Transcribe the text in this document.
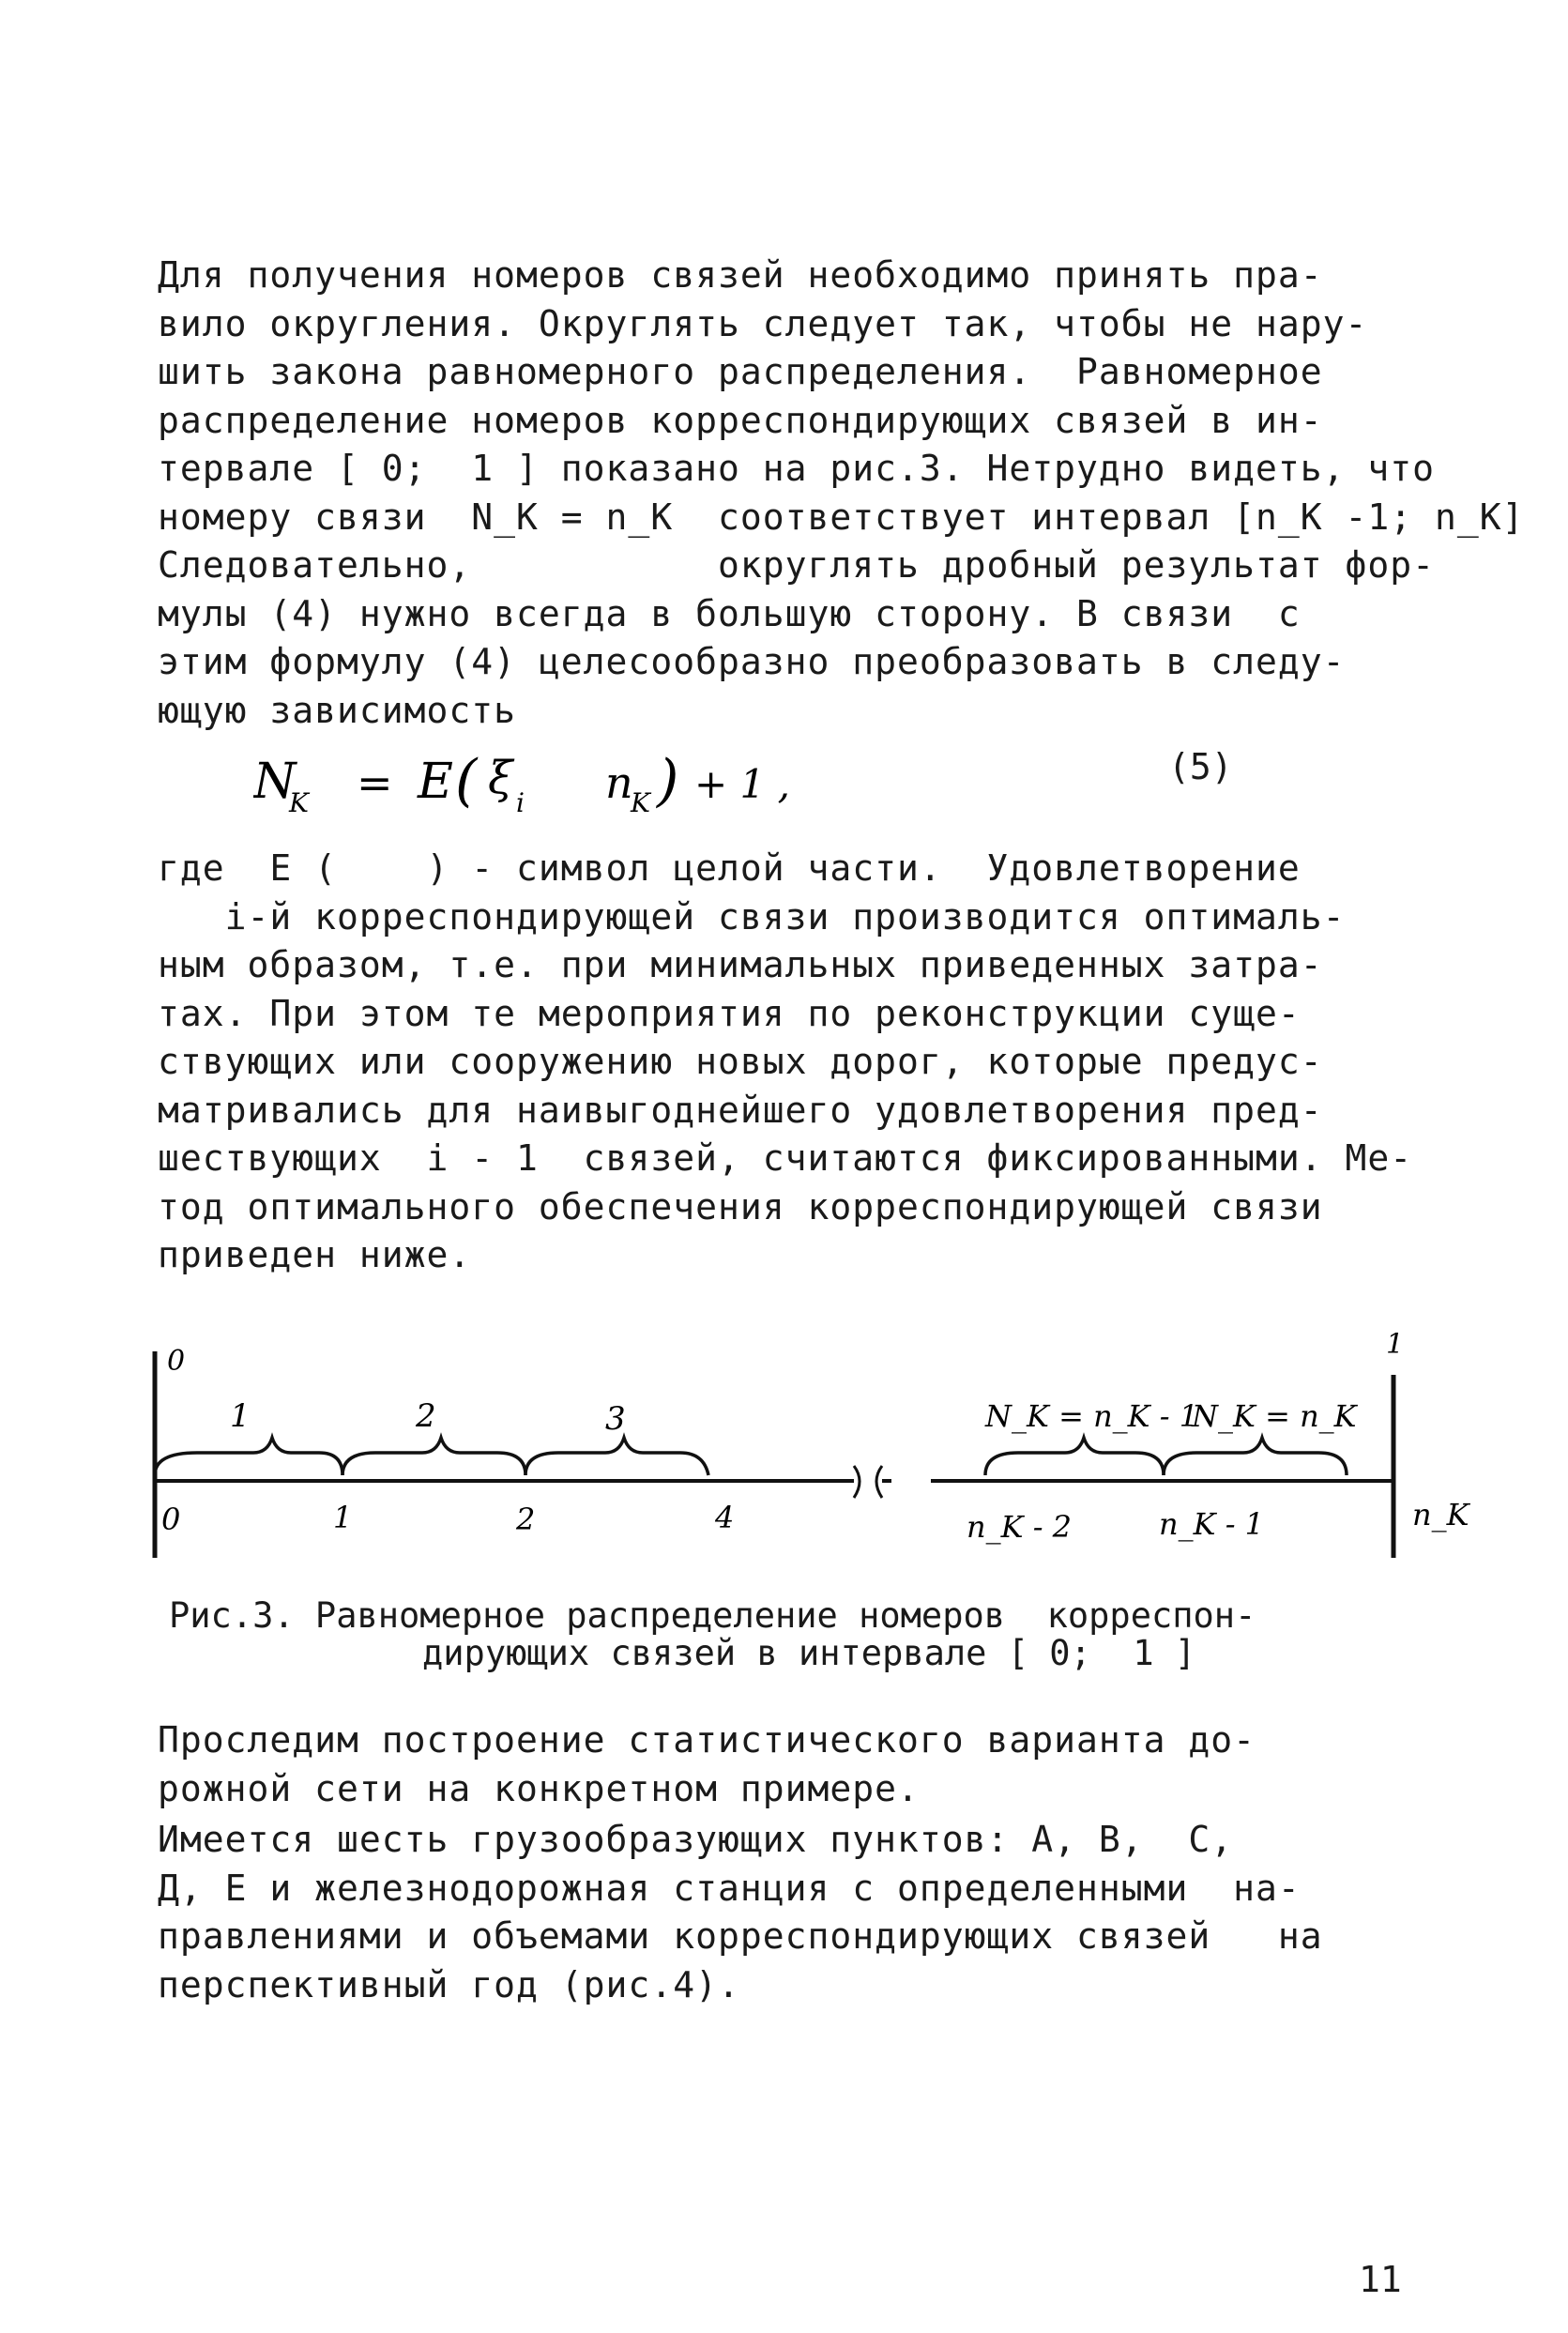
Для получения номеров связей необходимо принять пра-
вило округления. Округлять следует так, чтобы не нару-
шить закона равномерного распределения.  Равномерное
распределение номеров корреспондирующих связей в ин-
тервале [ 0;  1 ] показано на рис.3. Нетрудно видеть, что
номеру связи  N_K = n_K  соответствует интервал [n_K -1; n_K]
Следовательно,           округлять дробный результат фор-
мулы (4) нужно всегда в большую сторону. В связи  с
этим формулу (4) целесообразно преобразовать в следу-
ющую зависимость
N
K = E ( ξ i n
K ) + 1 ,	(5)
где  E (    ) - символ целой части.  Удовлетворение
i-й корреспондирующей связи производится оптималь-
ным образом, т.е. при минимальных приведенных затра-
тах. При этом те мероприятия по реконструкции суще-
ствующих или сооружению новых дорог, которые предус-
матривались для наивыгоднейшего удовлетворения пред-
шествующих  i - 1  связей, считаются фиксированными. Ме-
тод оптимального обеспечения корреспондирующей связи
приведен ниже.
0
1
1	2	3	N_K = n_K - 1
N_K = n_K
0	1	2	4	n_K - 2	n_K - 1	n_K
Рис.3. Равномерное распределение номеров  корреспон-
дирующих связей в интервале [ 0;  1 ]
Проследим построение статистического варианта до-
рожной сети на конкретном примере.
Имеется шесть грузообразующих пунктов: А, В,  С,
Д, Е и железнодорожная станция с определенными  на-
правлениями и объемами корреспондирующих связей   на
перспективный год (рис.4).
11
